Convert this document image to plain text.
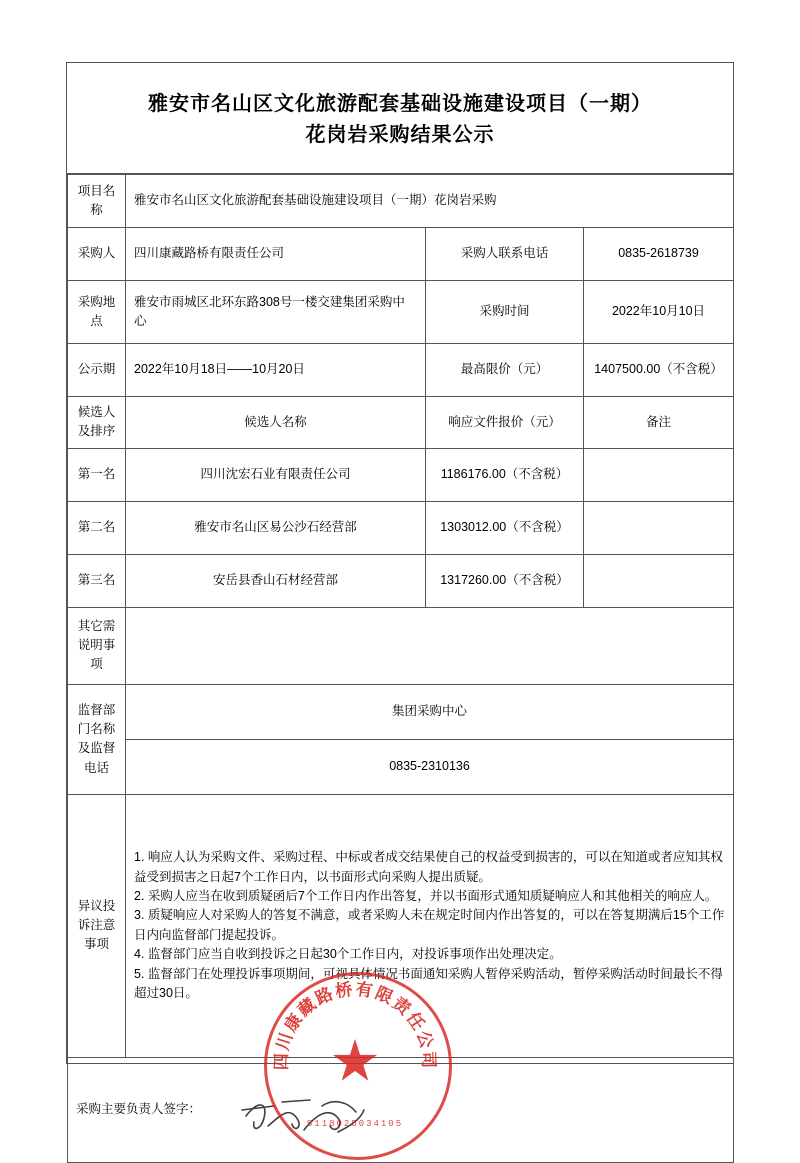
雅安市名山区文化旅游配套基础设施建设项目（一期）
花岗岩采购结果公示
项目名称	雅安市名山区文化旅游配套基础设施建设项目（一期）花岗岩采购		
采购人	四川康藏路桥有限责任公司	采购人联系电话	0835-2618739
采购地点	雅安市雨城区北环东路308号一楼交建集团采购中心	采购时间	2022年10月10日
公示期	2022年10月18日——10月20日	最高限价（元）	1407500.00（不含税）
候选人及排序	候选人名称	响应文件报价（元）	备注
第一名	四川沈宏石业有限责任公司	1186176.00（不含税）	
第二名	雅安市名山区易公沙石经营部	1303012.00（不含税）	
第三名	安岳县香山石材经营部	1317260.00（不含税）	
其它需说明事项			
监督部门名称及监督电话	集团采购中心		
	0835-2310136		
异议投诉注意事项	1. 响应人认为采购文件、采购过程、中标或者成交结果使自己的权益受到损害的，可以在知道或者应知其权益受到损害之日起7个工作日内，以书面形式向采购人提出质疑。

2. 采购人应当在收到质疑函后7个工作日内作出答复，并以书面形式通知质疑响应人和其他相关的响应人。

3. 质疑响应人对采购人的答复不满意，或者采购人未在规定时间内作出答复的，可以在答复期满后15个工作日内向监督部门提起投诉。

4. 监督部门应当自收到投诉之日起30个工作日内，对投诉事项作出处理决定。

5. 监督部门在处理投诉事项期间，可视具体情况书面通知采购人暂停采购活动，暂停采购活动时间最长不得超过30日。		

采购主要负责人签字：
四川康藏路桥有限责任公司
5118025034105			
